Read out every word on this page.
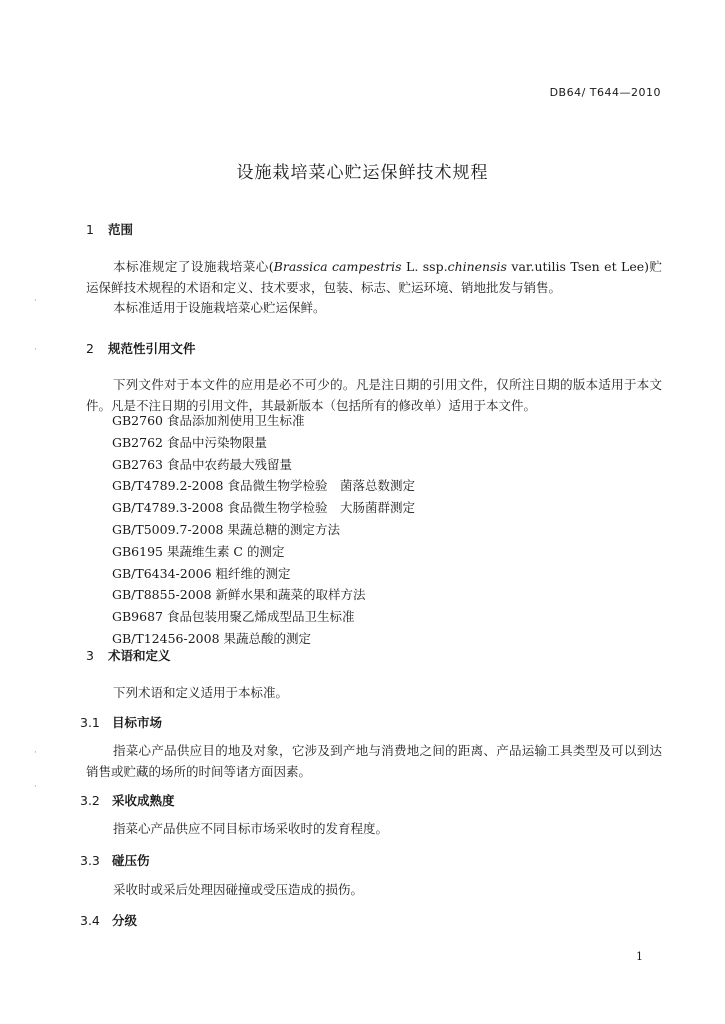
DB64/ T644—2010
设施栽培菜心贮运保鲜技术规程
1 范围
本标准规定了设施栽培菜心(Brassica campestris L. ssp.chinensis var.utilis Tsen et Lee)贮运保鲜技术规程的术语和定义、技术要求，包装、标志、贮运环境、销地批发与销售。
本标准适用于设施栽培菜心贮运保鲜。
2 规范性引用文件
下列文件对于本文件的应用是必不可少的。凡是注日期的引用文件，仅所注日期的版本适用于本文件。凡是不注日期的引用文件，其最新版本（包括所有的修改单）适用于本文件。
GB2760 食品添加剂使用卫生标准
GB2762 食品中污染物限量
GB2763 食品中农药最大残留量
GB/T4789.2-2008 食品微生物学检验　菌落总数测定
GB/T4789.3-2008 食品微生物学检验　大肠菌群测定
GB/T5009.7-2008 果蔬总糖的测定方法
GB6195 果蔬维生素 C 的测定
GB/T6434-2006 粗纤维的测定
GB/T8855-2008 新鲜水果和蔬菜的取样方法
GB9687 食品包装用聚乙烯成型品卫生标准
GB/T12456-2008 果蔬总酸的测定
3 术语和定义
下列术语和定义适用于本标准。
3.1 目标市场
指菜心产品供应目的地及对象，它涉及到产地与消费地之间的距离、产品运输工具类型及可以到达销售或贮藏的场所的时间等诸方面因素。
3.2 采收成熟度
指菜心产品供应不同目标市场采收时的发育程度。
3.3 碰压伤
采收时或采后处理因碰撞或受压造成的损伤。
3.4 分级
1
·
·
·
·
